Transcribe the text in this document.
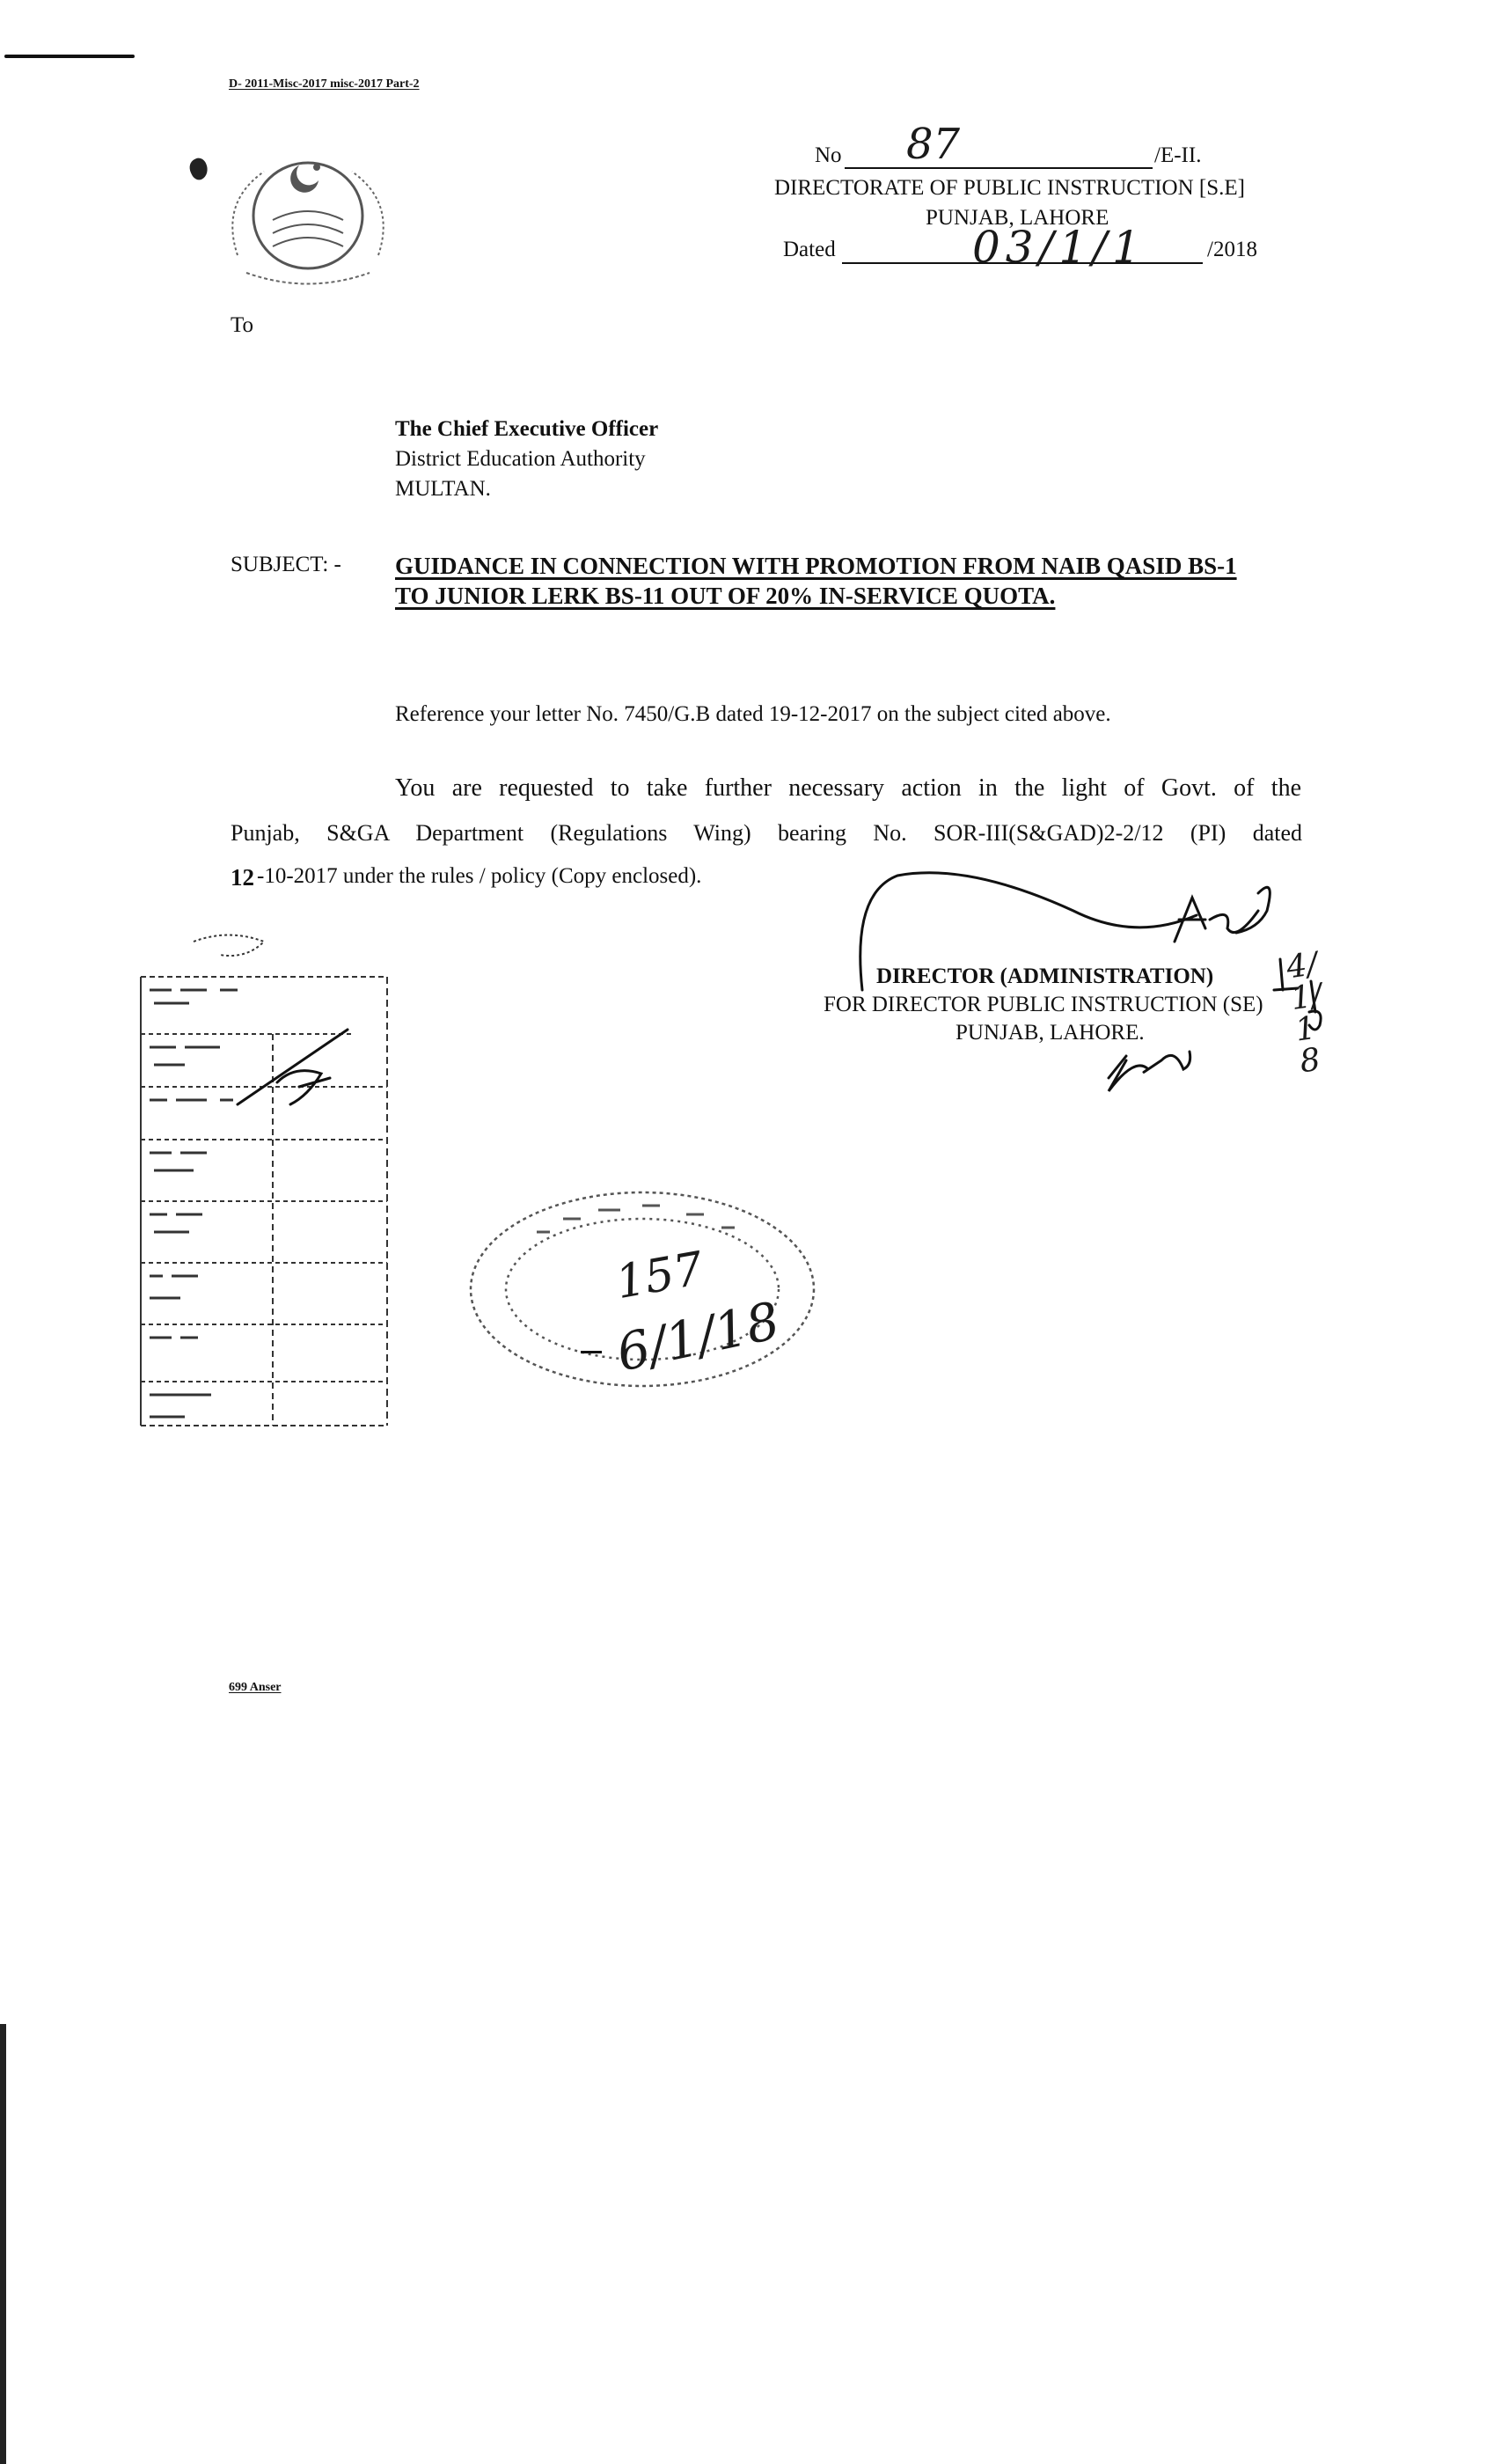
D- 2011-Misc-2017 misc-2017 Part-2
No 87	/E-II.
DIRECTORATE OF PUBLIC INSTRUCTION [S.E]
PUNJAB, LAHORE
Dated	03/1/1	/2018
To
The Chief Executive Officer
District Education Authority
MULTAN.
SUBJECT: - GUIDANCE IN CONNECTION WITH PROMOTION FROM NAIB QASID BS-1
TO JUNIOR LERK BS-11 OUT OF 20% IN-SERVICE QUOTA.
Reference your letter No. 7450/G.B dated 19-12-2017 on the subject cited above.
You are requested to take further necessary action in the light of Govt. of the
Punjab, S&GA Department (Regulations Wing) bearing No. SOR-III(S&GAD)2-2/12 (PI) dated
12 -10-2017 under the rules / policy (Copy enclosed).
DIRECTOR (ADMINISTRATION)
FOR DIRECTOR PUBLIC INSTRUCTION (SE)
PUNJAB, LAHORE.
4/1/18
157
6/1/18
699 Anser
